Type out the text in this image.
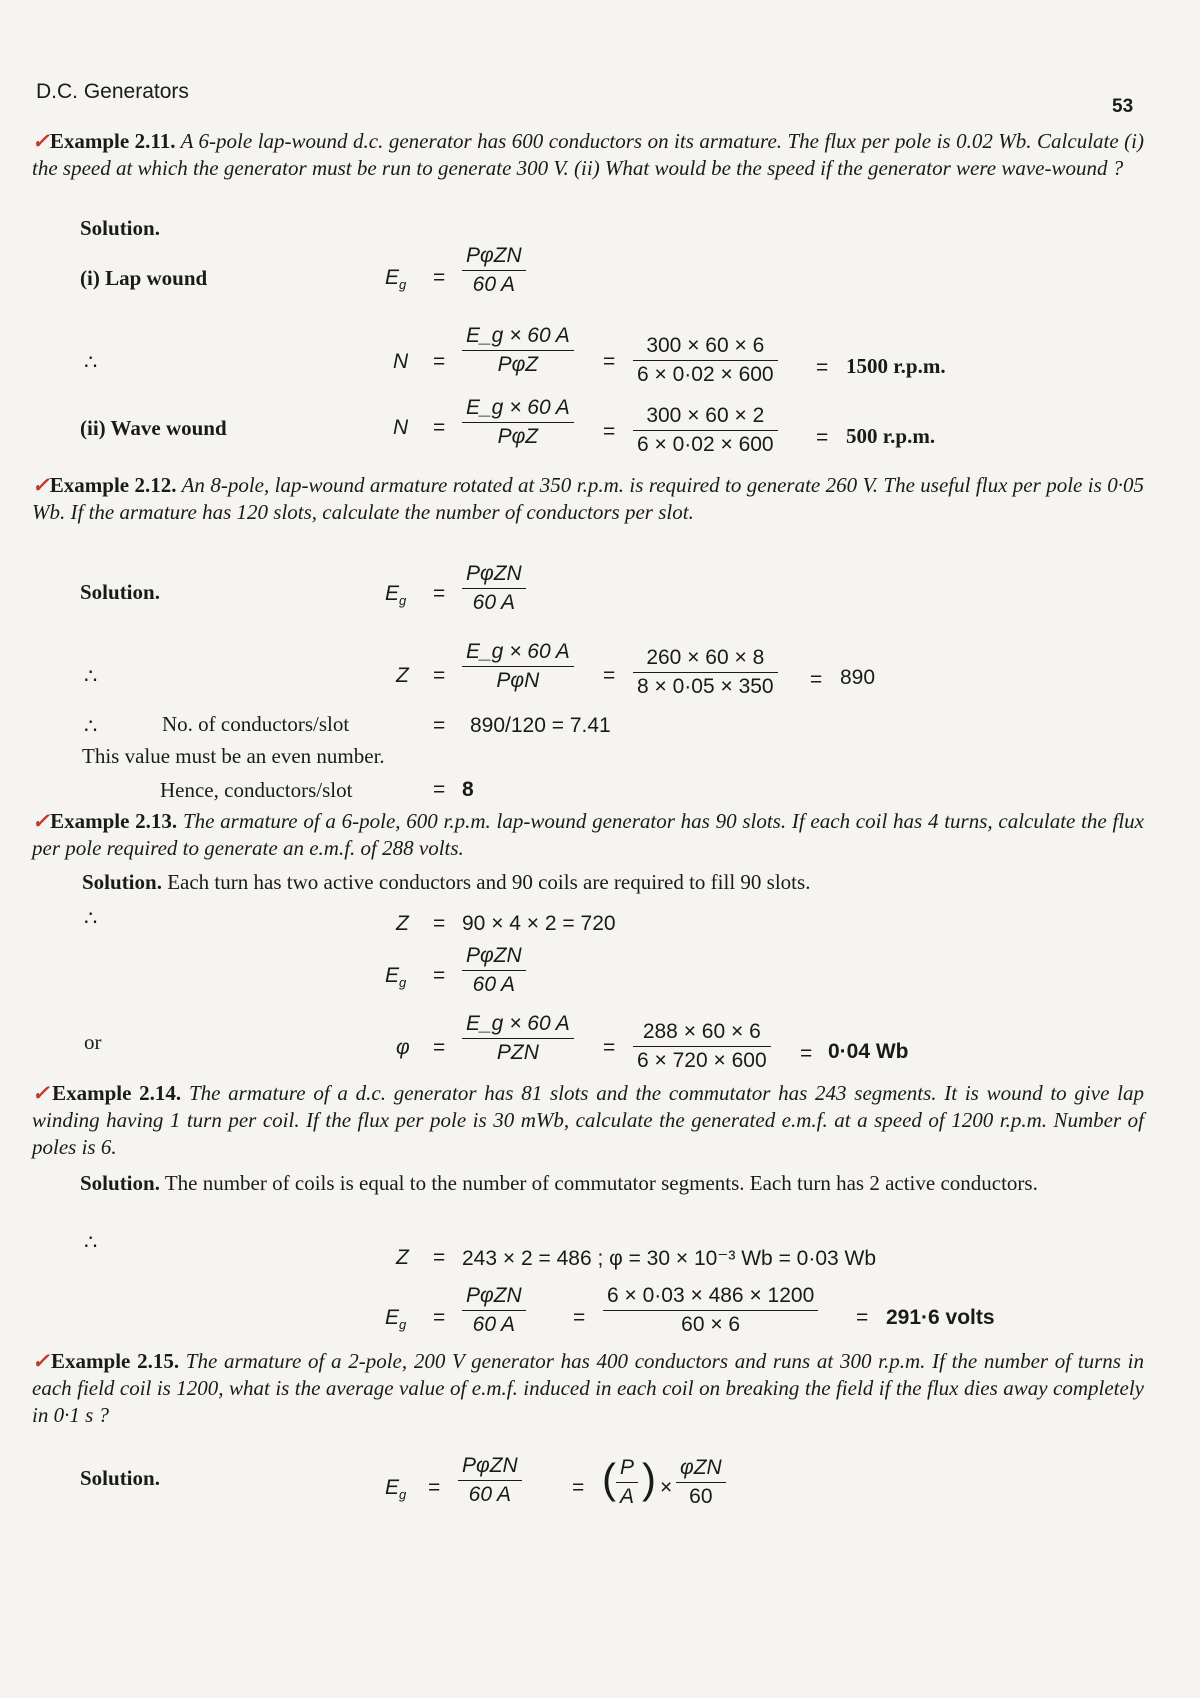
D.C. Generators
53
✓Example 2.11. A 6-pole lap-wound d.c. generator has 600 conductors on its armature. The flux per pole is 0.02 Wb. Calculate (i) the speed at which the generator must be run to generate 300 V. (ii) What would be the speed if the generator were wave-wound ?
Solution.
(i) Lap wound	$E_g = \frac{\text{PφZN}}{60 A}$
∴	$N = \frac{E\_g \times 60 A}{\text{PφZ}} = \frac{300 \times 60 \times 6}{6 \times 0\cdot 02 \times 600} = 1500$ r.p.m.
(ii) Wave wound	$N = \frac{E\_g \times 60 A}{\text{PφZ}} = \frac{300 \times 60 \times 2}{6 \times 0\cdot 02 \times 600} = 500$ r.p.m.
✓Example 2.12. An 8-pole, lap-wound armature rotated at 350 r.p.m. is required to generate 260 V. The useful flux per pole is 0·05 Wb. If the armature has 120 slots, calculate the number of conductors per slot.
Solution.	$E_g = \frac{\text{PφZN}}{60 A}$
∴	$Z = \frac{E\_g \times 60 A}{\text{PφN}} = \frac{260 \times 60 \times 8}{8 \times 0\cdot 05 \times 350} = 890$
∴	No. of conductors/slot	= 890/120 = 7.41
This value must be an even number.
Hence, conductors/slot	= 8
✓Example 2.13. The armature of a 6-pole, 600 r.p.m. lap-wound generator has 90 slots. If each coil has 4 turns, calculate the flux per pole required to generate an e.m.f. of 288 volts.
Solution. Each turn has two active conductors and 90 coils are required to fill 90 slots.
∴	Z = 90 × 4 × 2 = 720
$E_g = \frac{\text{PφZN}}{60 A}$
or	$\varphi = \frac{E\_g \times 60 A}{\text{PZN}} = \frac{288 \times 60 \times 6}{6 \times 720 \times 600} = 0\cdot 04$ Wb
✓Example 2.14. The armature of a d.c. generator has 81 slots and the commutator has 243 segments. It is wound to give lap winding having 1 turn per coil. If the flux per pole is 30 mWb, calculate the generated e.m.f. at a speed of 1200 r.p.m. Number of poles is 6.
Solution. The number of coils is equal to the number of commutator segments. Each turn has 2 active conductors.
∴
Z = 243 × 2 = 486 ; φ = 30 × 10⁻³ Wb = 0·03 Wb
$E_g = \frac{\text{PφZN}}{60 A} = \frac{6 \times 0\cdot 03 \times 486 \times 1200}{60 \times 6} = 291\cdot 6$ volts
✓Example 2.15. The armature of a 2-pole, 200 V generator has 400 conductors and runs at 300 r.p.m. If the number of turns in each field coil is 1200, what is the average value of e.m.f. induced in each coil on breaking the field if the flux dies away completely in 0·1 s ?
Solution.	$E_g = \frac{\text{PφZN}}{60 A}$ = ( $\frac{P}{A}$ ) × $\frac{\text{φZN}}{60}$
